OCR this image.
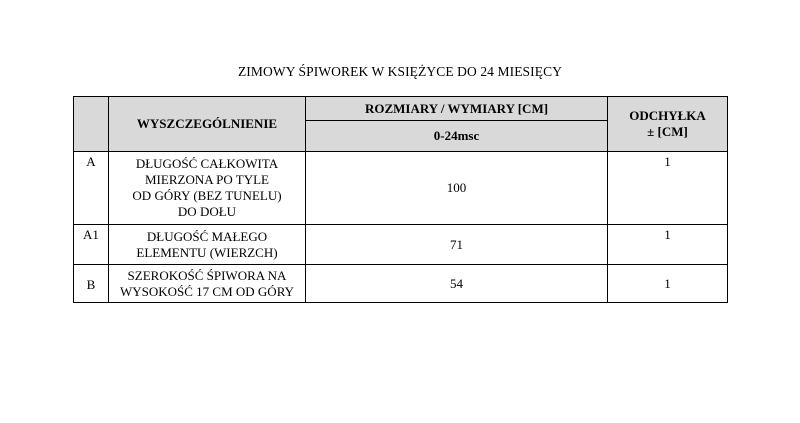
ZIMOWY ŚPIWOREK W KSIĘŻYCE DO 24 MIESIĘCY
	WYSZCZEGÓLNIENIE	ROZMIARY / WYMIARY [CM]	ODCHYŁKA
± [CM]

		0-24msc	
A	DŁUGOŚĆ CAŁKOWITA
MIERZONA PO TYLE
OD GÓRY (BEZ TUNELU)
DO DOŁU	100	1
A1	DŁUGOŚĆ MAŁEGO
ELEMENTU (WIERZCH)	71	1
B	SZEROKOŚĆ ŚPIWORA NA
WYSOKOŚĆ 17 CM OD GÓRY	54	1
